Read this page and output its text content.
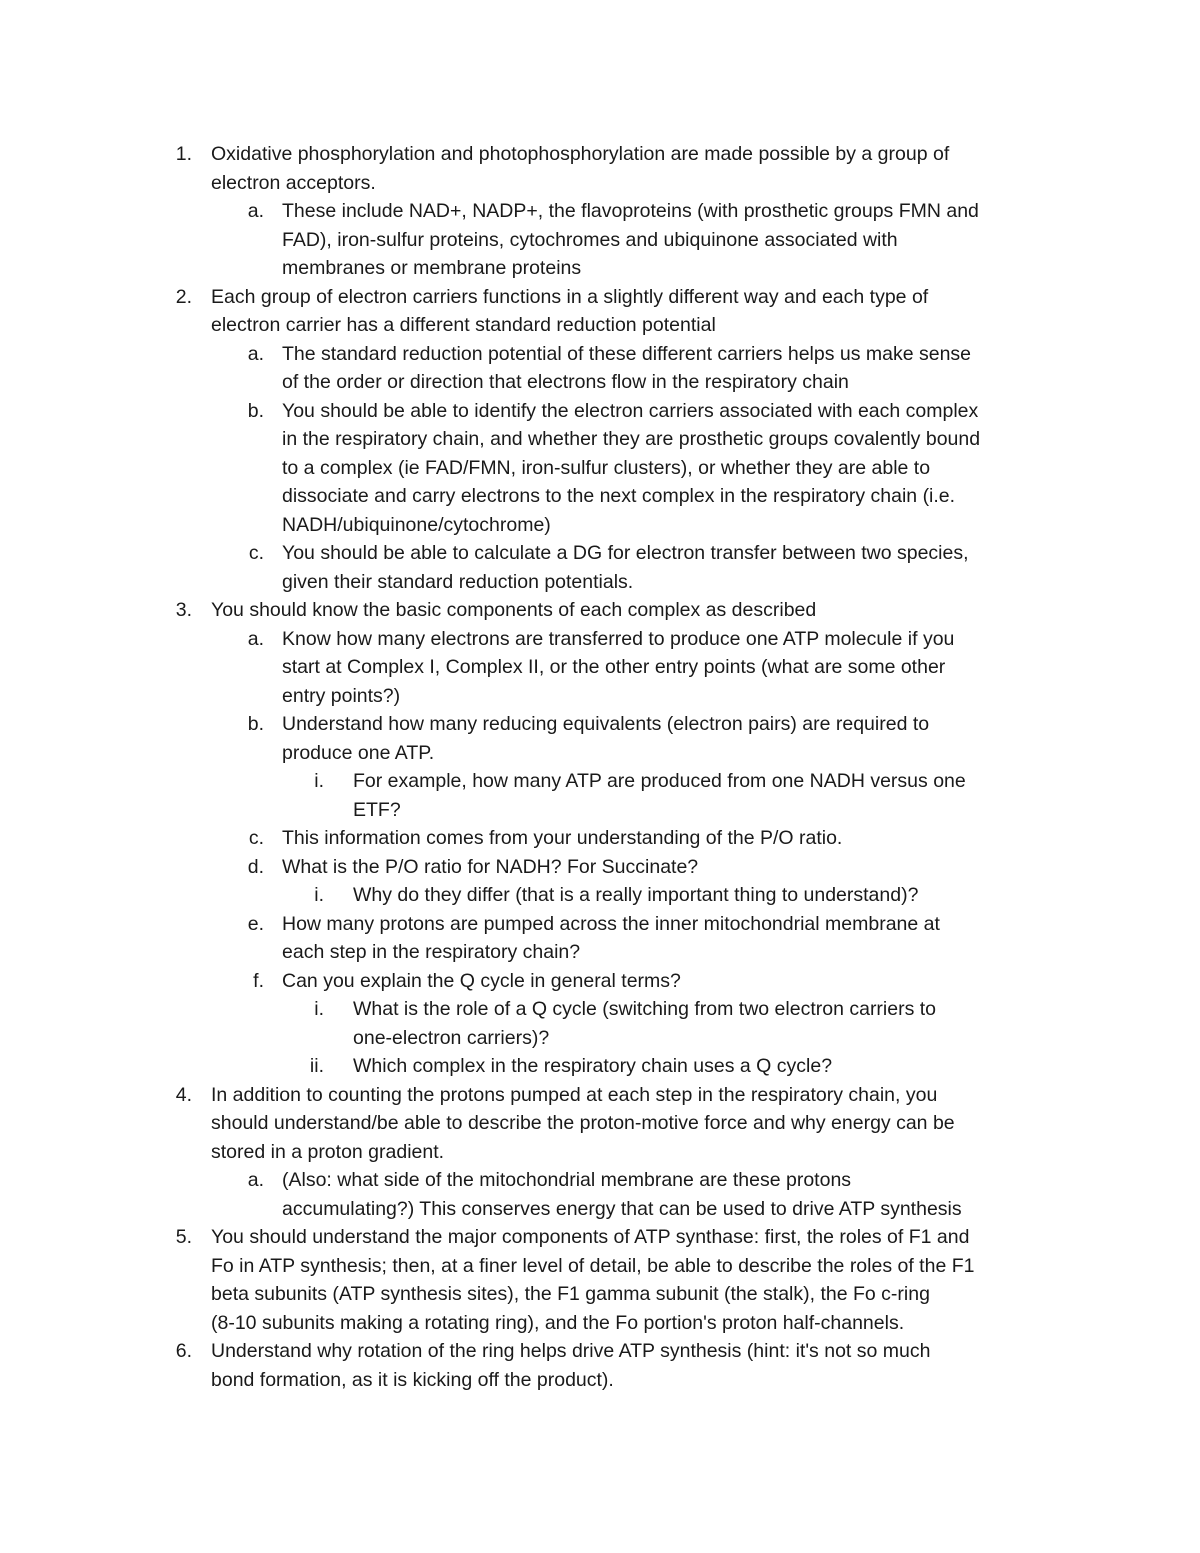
1. Oxidative phosphorylation and photophosphorylation are made possible by a group of
electron acceptors.
a. These include NAD+, NADP+, the flavoproteins (with prosthetic groups FMN and
FAD), iron-sulfur proteins, cytochromes and ubiquinone associated with
membranes or membrane proteins
2. Each group of electron carriers functions in a slightly different way and each type of
electron carrier has a different standard reduction potential
a. The standard reduction potential of these different carriers helps us make sense
of the order or direction that electrons flow in the respiratory chain
b. You should be able to identify the electron carriers associated with each complex
in the respiratory chain, and whether they are prosthetic groups covalently bound
to a complex (ie FAD/FMN, iron-sulfur clusters), or whether they are able to
dissociate and carry electrons to the next complex in the respiratory chain (i.e.
NADH/ubiquinone/cytochrome)
c. You should be able to calculate a DG for electron transfer between two species,
given their standard reduction potentials.
3. You should know the basic components of each complex as described
a. Know how many electrons are transferred to produce one ATP molecule if you
start at Complex I, Complex II, or the other entry points (what are some other
entry points?)
b. Understand how many reducing equivalents (electron pairs) are required to
produce one ATP.
i. For example, how many ATP are produced from one NADH versus one
ETF?
c. This information comes from your understanding of the P/O ratio.
d. What is the P/O ratio for NADH? For Succinate?
i. Why do they differ (that is a really important thing to understand)?
e. How many protons are pumped across the inner mitochondrial membrane at
each step in the respiratory chain?
f. Can you explain the Q cycle in general terms?
i. What is the role of a Q cycle (switching from two electron carriers to
one-electron carriers)?
ii. Which complex in the respiratory chain uses a Q cycle?
4. In addition to counting the protons pumped at each step in the respiratory chain, you
should understand/be able to describe the proton-motive force and why energy can be
stored in a proton gradient.
a. (Also: what side of the mitochondrial membrane are these protons
accumulating?) This conserves energy that can be used to drive ATP synthesis
5. You should understand the major components of ATP synthase: first, the roles of F1 and
Fo in ATP synthesis; then, at a finer level of detail, be able to describe the roles of the F1
beta subunits (ATP synthesis sites), the F1 gamma subunit (the stalk), the Fo c-ring
(8-10 subunits making a rotating ring), and the Fo portion's proton half-channels.
6. Understand why rotation of the ring helps drive ATP synthesis (hint: it's not so much
bond formation, as it is kicking off the product).
